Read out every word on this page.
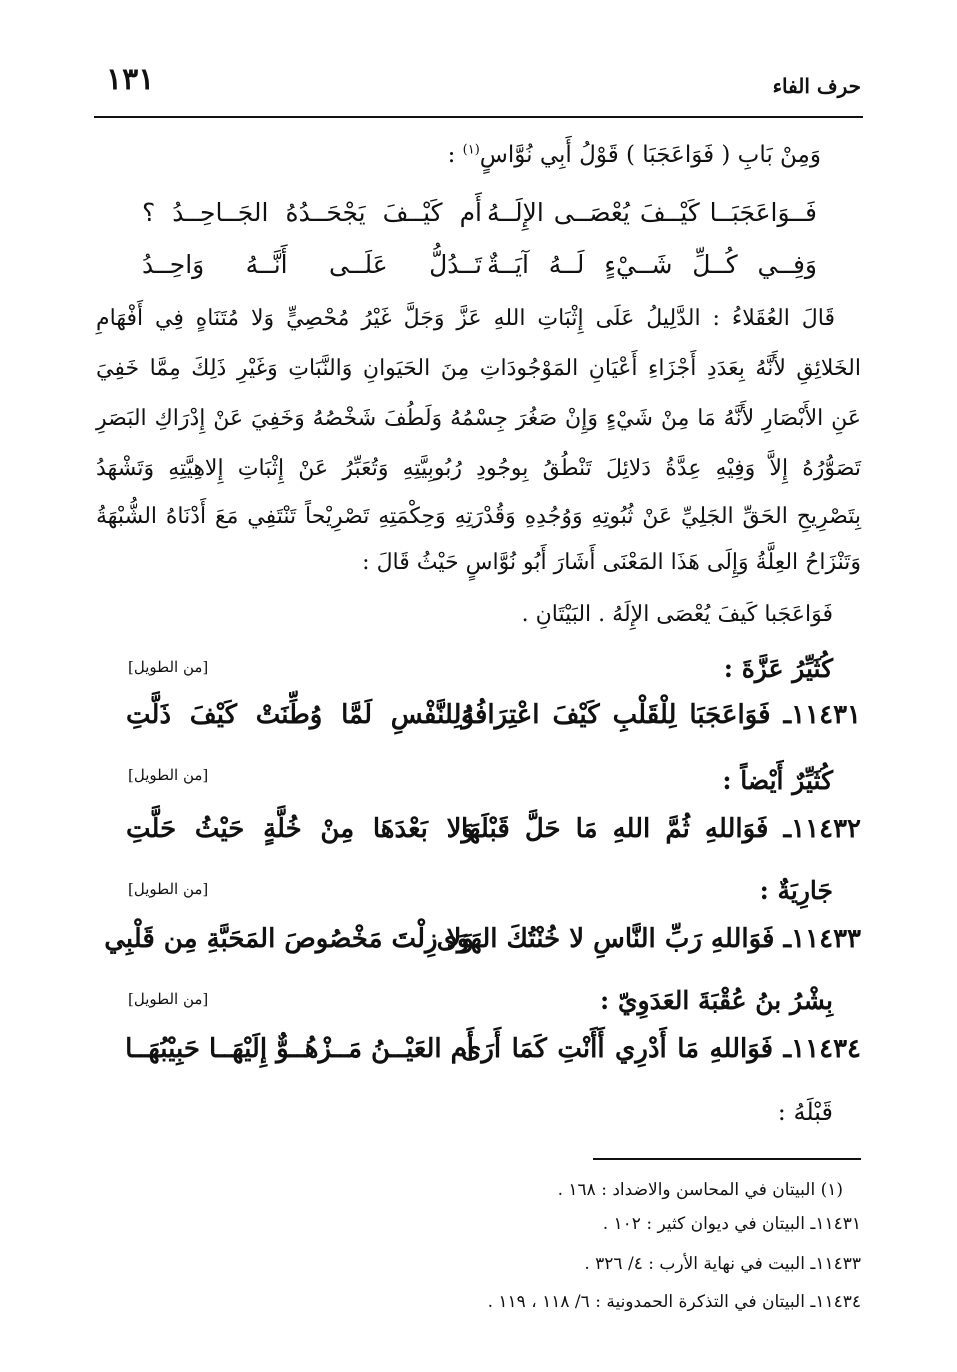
حرف الفاء
١٣١
وَمِنْ بَابِ ( فَوَاعَجَبَا ) قَوْلُ أَبِي نُوَّاسٍ$^{(١)}$ :
فَــوَاعَجَبَــا كَيْــفَ يُعْصَــى الإِلَــهُ
أَم كَيْــفَ يَجْحَــدُهُ الجَــاحِــدُ ؟
وَفِــي كُــلِّ شَــيْءٍ لَــهُ آيَــةٌ
تَــدُلُّ عَلَــى أَنَّــهُ وَاحِــدُ
قَالَ العُقَلاءُ : الدَّلِيلُ عَلَى إِثْبَاتِ اللهِ عَزَّ وَجَلَّ غَيْرُ مُحْصِيٍّ وَلا مُتَنَاهٍ فِي أَفْهَامِ
الخَلائِقِ لأَنَّهُ بِعَدَدِ أَجْزَاءِ أَعْيَانِ المَوْجُودَاتِ مِنَ الحَيَوانِ وَالنَّبَاتِ وَغَيْرِ ذَلِكَ مِمَّا خَفِيَ
عَنِ الأَبْصَارِ لأَنَّهُ مَا مِنْ شَيْءٍ وَإِنْ صَغُرَ جِسْمُهُ وَلَطُفَ شَخْصُهُ وَخَفِيَ عَنْ إِدْرَاكِ البَصَرِ
تَصَوُّرُهُ إِلاَّ وَفِيْهِ عِدَّةُ دَلائِلَ تَنْطُقُ بِوجُودِ رُبُوبِيَّتِهِ وَتُعَبِّرُ عَنْ إِثْبَاتِ إِلاهِيَّتِهِ وَتَشْهَدُ
بِتَصْرِيحِ الحَقِّ الجَلِيِّ عَنْ ثُبُوتِهِ وَوُجُدِهِ وَقُدْرَتِهِ وَحِكْمَتِهِ تَصْرِيْحاً تَنْتَفِي مَعَ أَدْنَاهُ الشُّبْهَةُ
وَتَنْزَاحُ العِلَّةُ وَإِلَى هَذَا المَعْنَى أَشَارَ أَبُو نُوَّاسٍ حَيْثُ قَالَ :
فَوَاعَجَبا كَيفَ يُعْصَى الإِلَهُ . البَيْتَانِ .
كُثَيِّرُ عَزَّةَ :
[من الطويل]
١١٤٣١ـ فَوَاعَجَبَا لِلْقَلْبِ كَيْفَ اعْتِرَافُهُ
وَلِلنَّفْسِ لَمَّا وُطِّنَتْ كَيْفَ ذَلَّتِ
كُثَيِّرٌ أَيْضاً :
[من الطويل]
١١٤٣٢ـ فَوَاللهِ ثُمَّ اللهِ مَا حَلَّ قَبْلَهَا
وَلا بَعْدَهَا مِنْ خُلَّةٍ حَيْثُ حَلَّتِ
جَارِيَةٌ :
[من الطويل]
١١٤٣٣ـ فَوَاللهِ رَبِّ النَّاسِ لا خُنْتُكَ الهَوَى
وَلا زِلْتَ مَخْصُوصَ المَحَبَّةِ مِن قَلْبِي
بِشْرُ بنُ عُقْبَةَ العَدَوِيّ :
[من الطويل]
١١٤٣٤ـ فَوَاللهِ مَا أَدْرِي أَأَنْتِ كَمَا أَرَى
أَم العَيْــنُ مَــزْهُــوٌّ إِلَيْهَــا حَبِيْبُهَــا
قَبْلَهُ :
(١) البيتان في المحاسن والاضداد : ١٦٨ .
١١٤٣١ـ البيتان في ديوان كثير : ١٠٢ .
١١٤٣٣ـ البيت في نهاية الأرب : ٤/ ٣٢٦ .
١١٤٣٤ـ البيتان في التذكرة الحمدونية : ٦/ ١١٨ ، ١١٩ .
